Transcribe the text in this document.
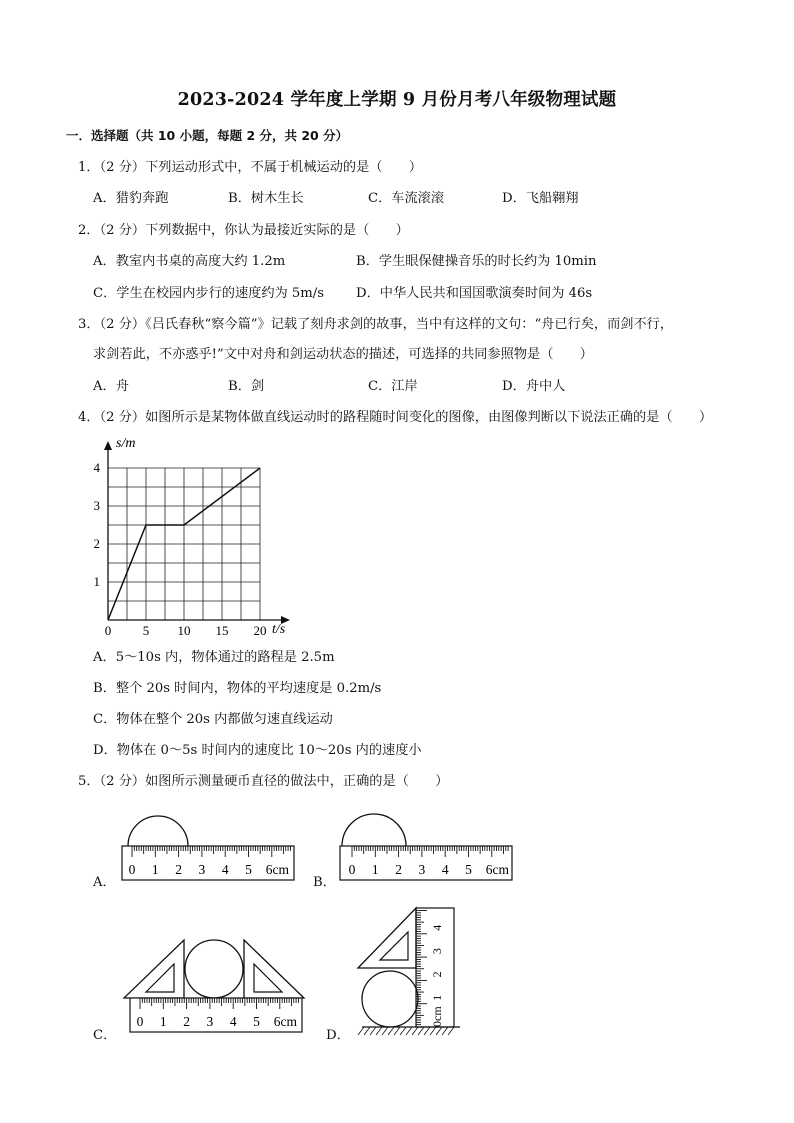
2023-2024 学年度上学期 9 月份月考八年级物理试题
一．选择题（共 10 小题，每题 2 分，共 20 分）
1．（2 分）下列运动形式中，不属于机械运动的是（　　）
A．猎豹奔跑	B．树木生长	C．车流滚滚	D．飞船翱翔
2．（2 分）下列数据中，你认为最接近实际的是（　　）
A．教室内书桌的高度大约 1.2m	B．学生眼保健操音乐的时长约为 10min
C．学生在校园内步行的速度约为 5m/s D．中华人民共和国国歌演奏时间为 46s
3．（2 分）《吕氏春秋“察今篇”》记载了刻舟求剑的故事，当中有这样的文句：“舟已行矣，而剑不行，
求剑若此，不亦惑乎!”文中对舟和剑运动状态的描述，可选择的共同参照物是（　　）
A．舟	B．剑	C．江岸	D．舟中人
4．（2 分）如图所示是某物体做直线运动时的路程随时间变化的图像，由图像判断以下说法正确的是（　　）
0 5 10 15 20
1
2
3
4
s/m
t/s
A．5～10s 内，物体通过的路程是 2.5m
B．整个 20s 时间内，物体的平均速度是 0.2m/s
C．物体在整个 20s 内都做匀速直线运动
D．物体在 0～5s 时间内的速度比 10～20s 内的速度小
5．（2 分）如图所示测量硬币直径的做法中，正确的是（　　）
A．
0 1 2 3 4 5 6cm
B．
0 1 2 3 4 5 6cm
C．
0 1 2 3 4 5 6cm
D．
0cm
1
2
3
4
